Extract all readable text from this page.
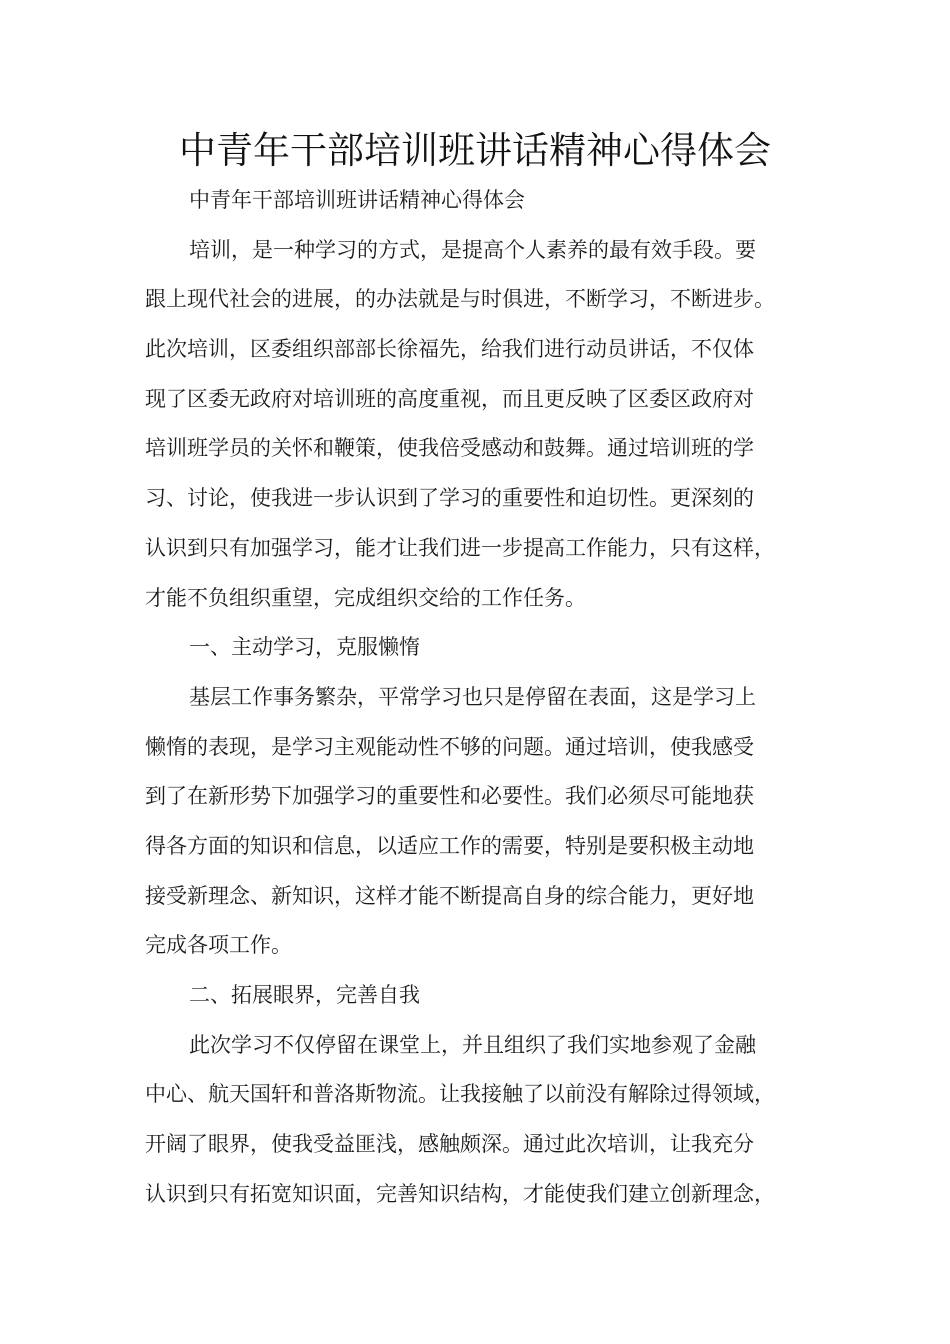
中青年干部培训班讲话精神心得体会
中青年干部培训班讲话精神心得体会
培训，是一种学习的方式，是提高个人素养的最有效手段。要
跟上现代社会的进展，的办法就是与时俱进，不断学习，不断进步。
此次培训，区委组织部部长徐福先，给我们进行动员讲话，不仅体
现了区委无政府对培训班的高度重视，而且更反映了区委区政府对
培训班学员的关怀和鞭策，使我倍受感动和鼓舞。通过培训班的学
习、讨论，使我进一步认识到了学习的重要性和迫切性。更深刻的
认识到只有加强学习，能才让我们进一步提高工作能力，只有这样，
才能不负组织重望，完成组织交给的工作任务。
一、主动学习，克服懒惰
基层工作事务繁杂，平常学习也只是停留在表面，这是学习上
懒惰的表现，是学习主观能动性不够的问题。通过培训，使我感受
到了在新形势下加强学习的重要性和必要性。我们必须尽可能地获
得各方面的知识和信息，以适应工作的需要，特别是要积极主动地
接受新理念、新知识，这样才能不断提高自身的综合能力，更好地
完成各项工作。
二、拓展眼界，完善自我
此次学习不仅停留在课堂上，并且组织了我们实地参观了金融
中心、航天国轩和普洛斯物流。让我接触了以前没有解除过得领域，
开阔了眼界，使我受益匪浅，感触颇深。通过此次培训，让我充分
认识到只有拓宽知识面，完善知识结构，才能使我们建立创新理念，
